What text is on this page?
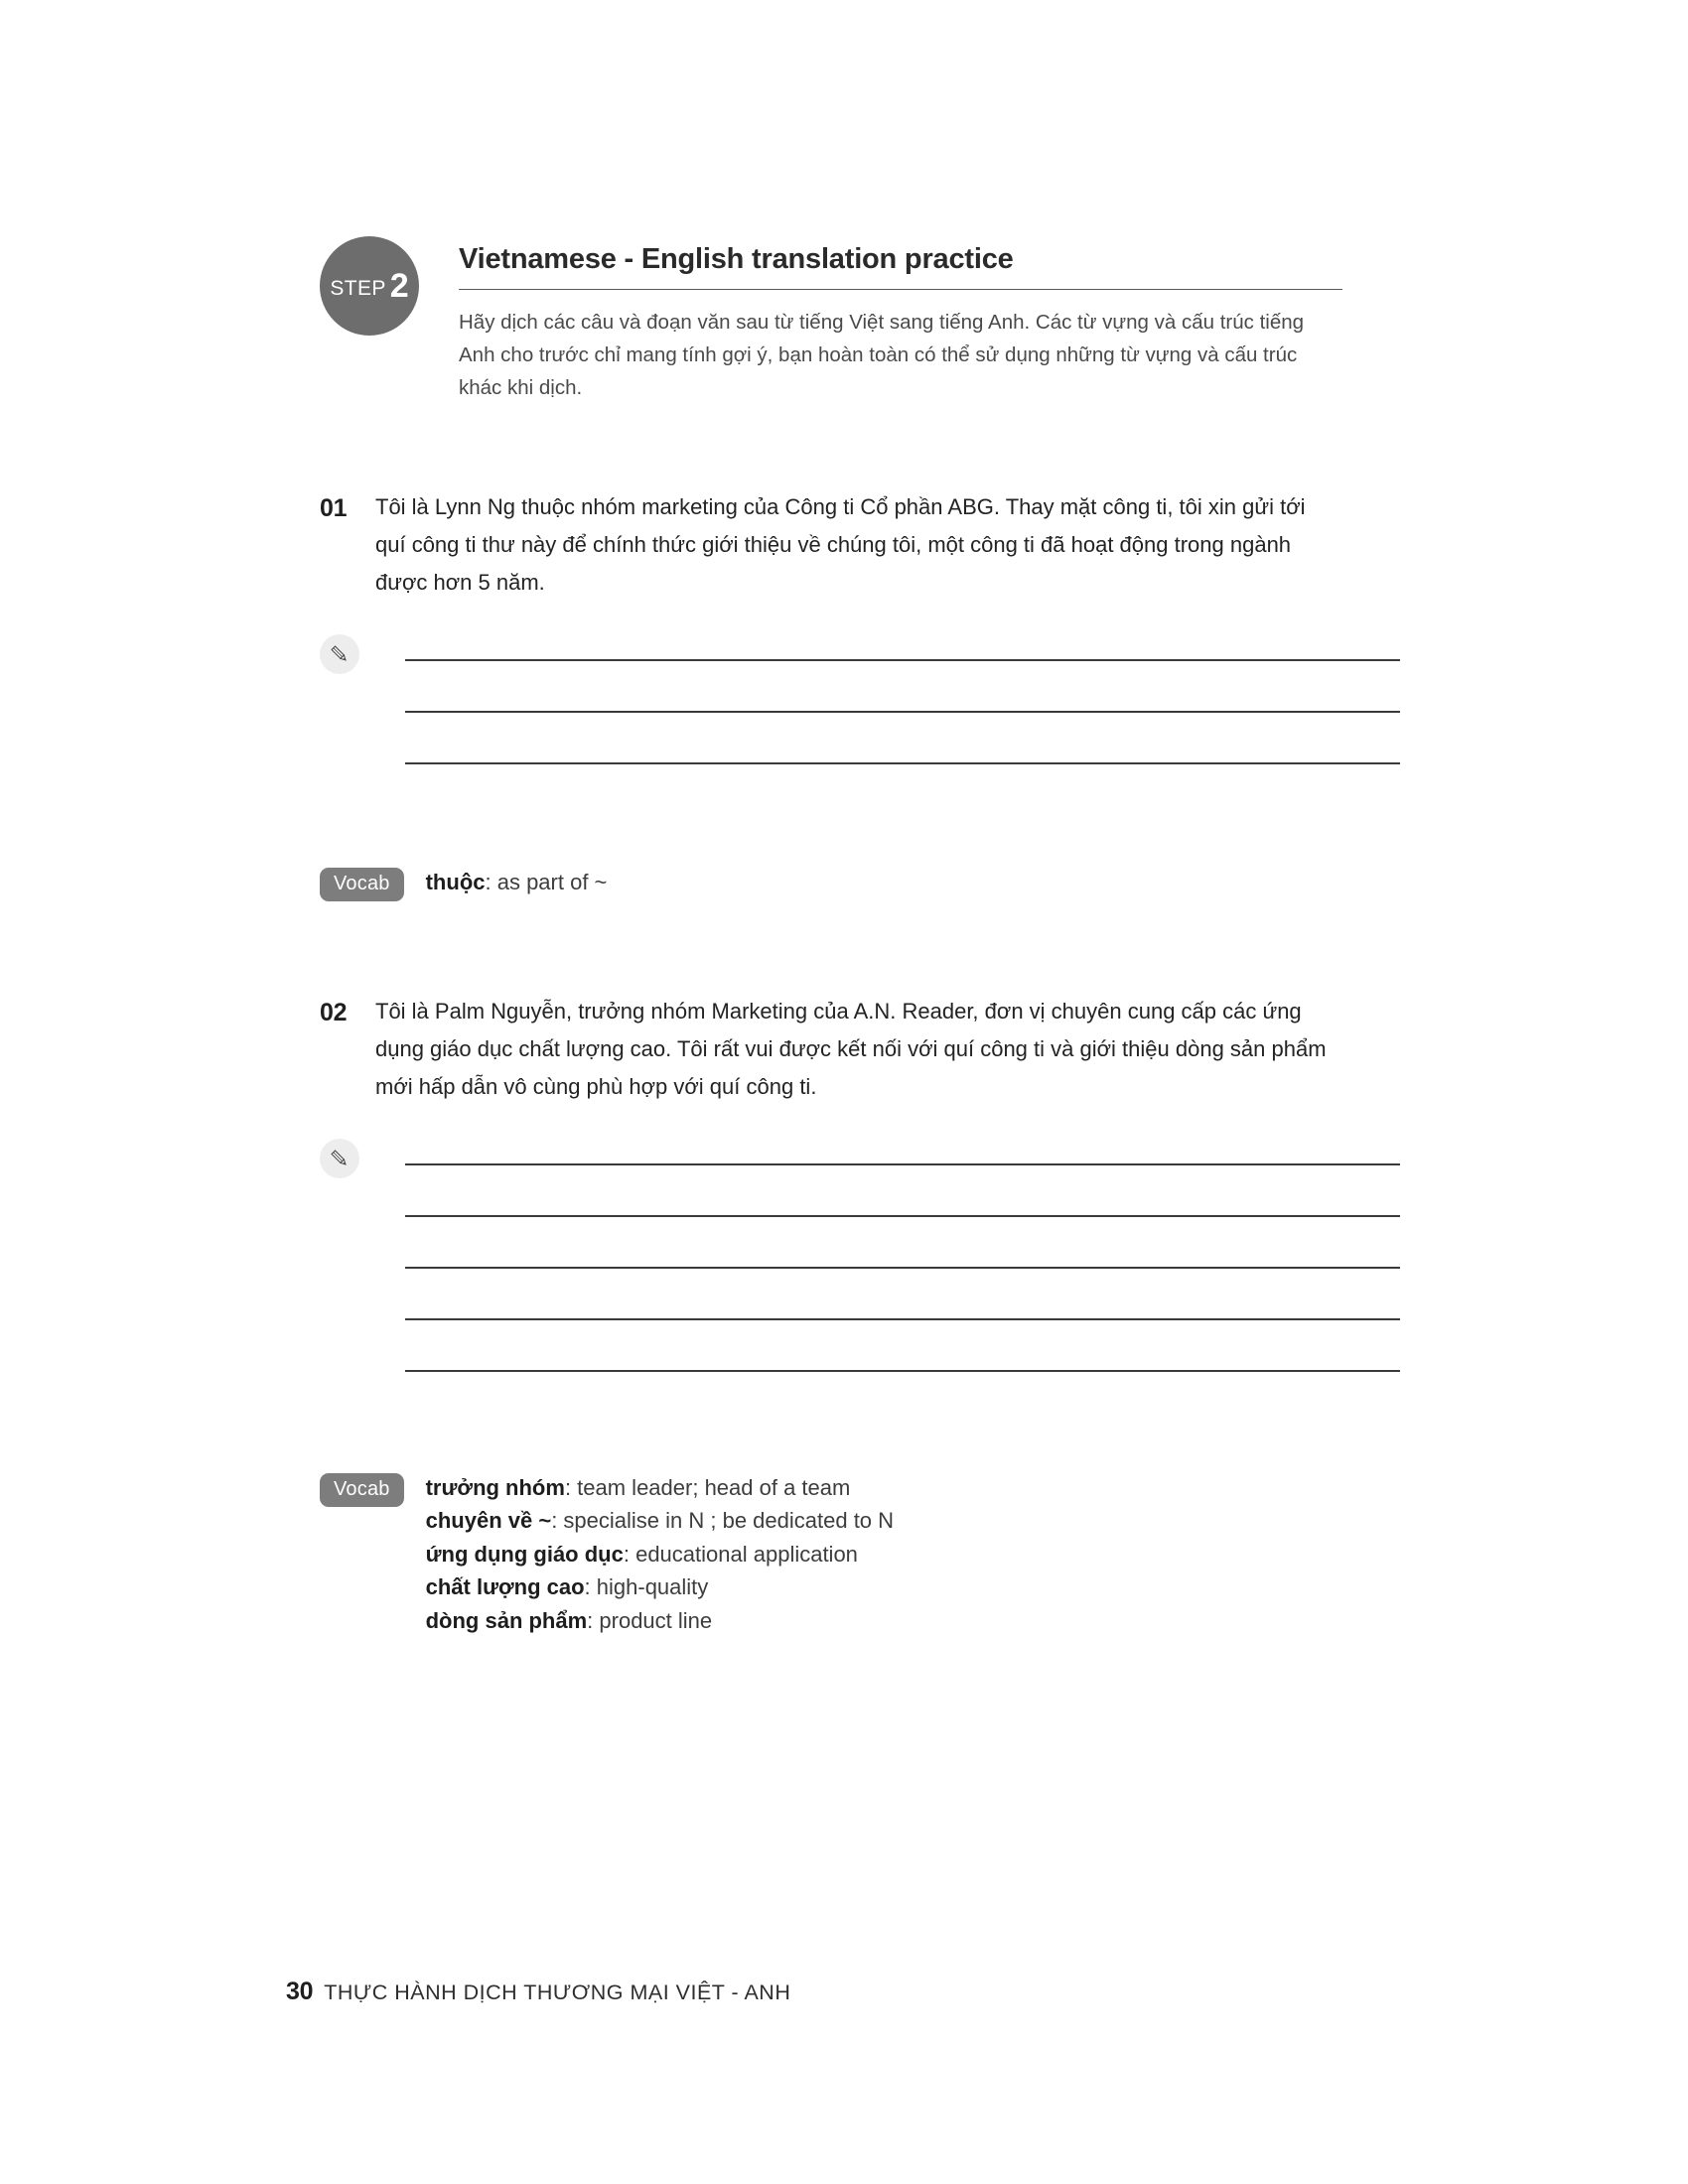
STEP 2
Vietnamese - English translation practice

Hãy dịch các câu và đoạn văn sau từ tiếng Việt sang tiếng Anh. Các từ vựng và cấu trúc tiếng Anh cho trước chỉ mang tính gợi ý, bạn hoàn toàn có thể sử dụng những từ vựng và cấu trúc khác khi dịch.

01	Tôi là Lynn Ng thuộc nhóm marketing của Công ti Cổ phần ABG. Thay mặt công ti, tôi xin gửi tới quí công ti thư này để chính thức giới thiệu về chúng tôi, một công ti đã hoạt động trong ngành được hơn 5 năm.

Vocab	thuộc: as part of ~
02	Tôi là Palm Nguyễn, trưởng nhóm Marketing của A.N. Reader, đơn vị chuyên cung cấp các ứng dụng giáo dục chất lượng cao. Tôi rất vui được kết nối với quí công ti và giới thiệu dòng sản phẩm mới hấp dẫn vô cùng phù hợp với quí công ti.

Vocab	trưởng nhóm: team leader; head of a team
chuyên về ~: specialise in N ; be dedicated to N
ứng dụng giáo dục: educational application
chất lượng cao: high-quality
dòng sản phẩm: product line
30 THỰC HÀNH DỊCH THƯƠNG MẠI VIỆT - ANH
